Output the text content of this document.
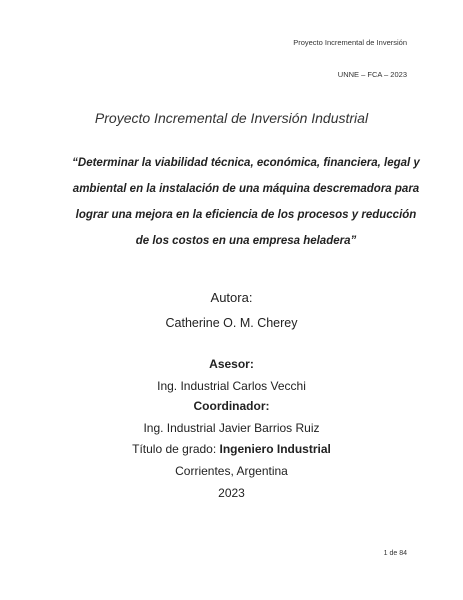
Proyecto Incremental de Inversión
UNNE – FCA – 2023
Proyecto Incremental de Inversión Industrial
“Determinar la viabilidad técnica, económica, financiera, legal y ambiental en la instalación de una máquina descremadora para lograr una mejora en la eficiencia de los procesos y reducción de los costos en una empresa heladera”
Autora:
Catherine O. M. Cherey
Asesor:
Ing. Industrial Carlos Vecchi
Coordinador:
Ing. Industrial Javier Barrios Ruiz
Título de grado: Ingeniero Industrial
Corrientes, Argentina
2023
1 de 84
